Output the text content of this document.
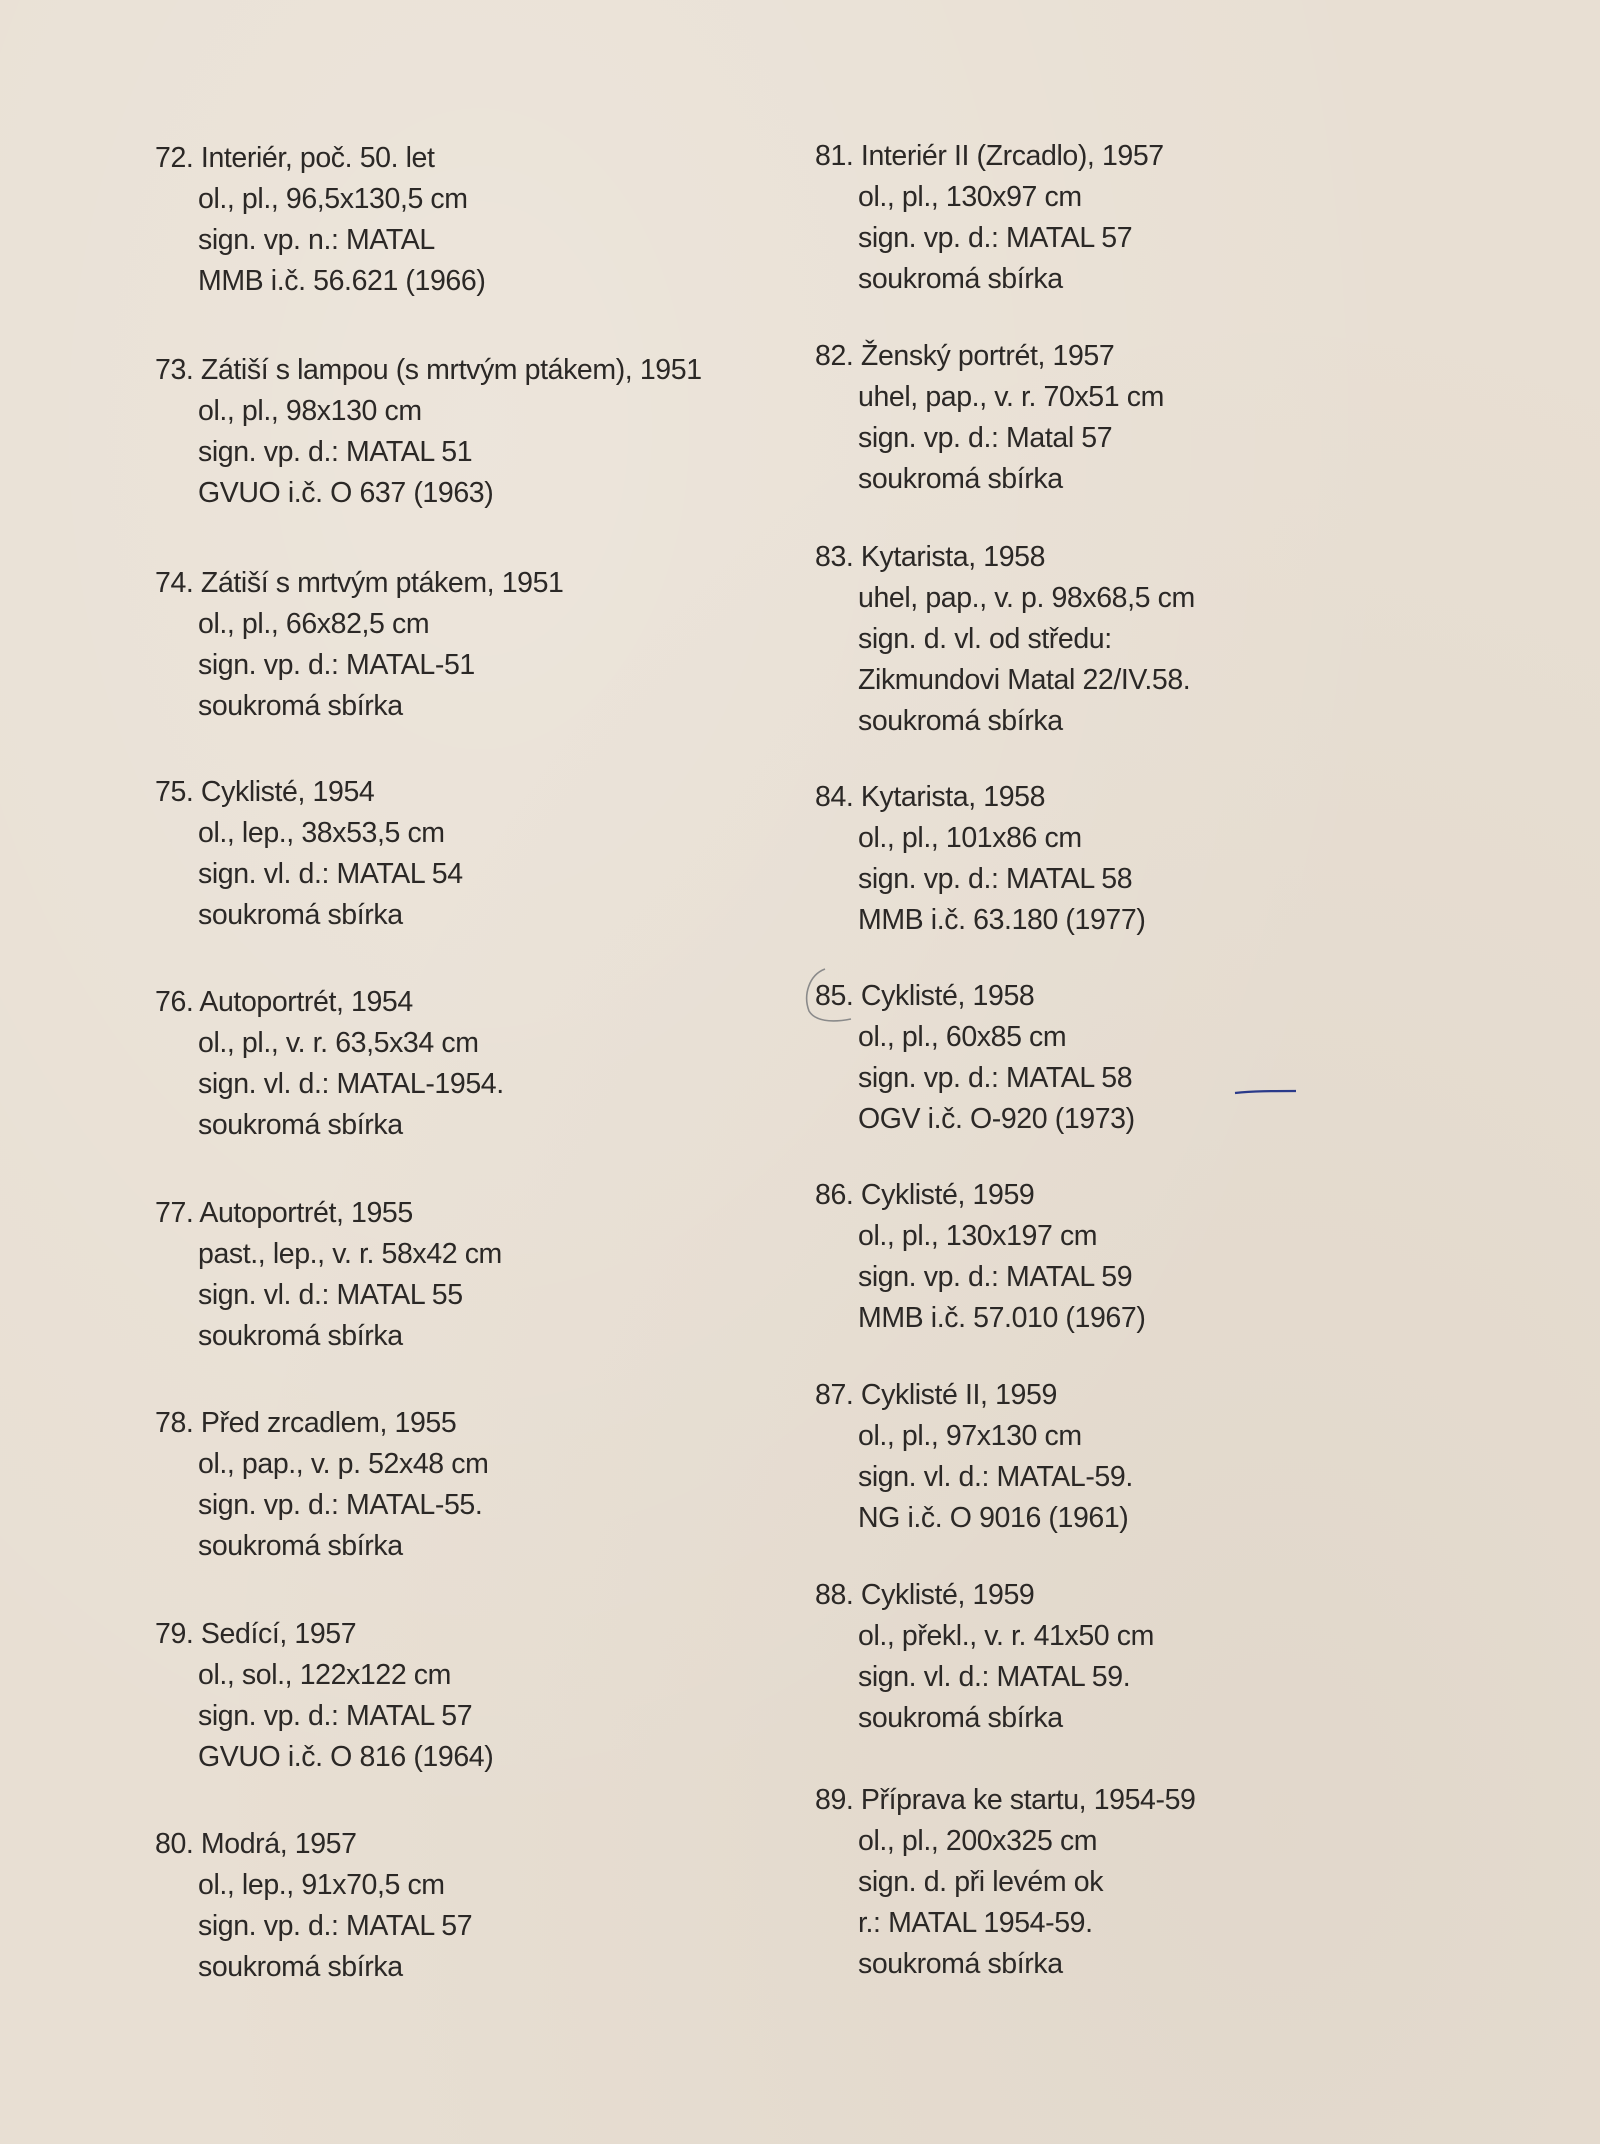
72. Interiér, poč. 50. let
ol., pl., 96,5x130,5 cm
sign. vp. n.: MATAL
MMB i.č. 56.621 (1966)
73. Zátiší s lampou (s mrtvým ptákem), 1951
ol., pl., 98x130 cm
sign. vp. d.: MATAL 51
GVUO i.č. O 637 (1963)
74. Zátiší s mrtvým ptákem, 1951
ol., pl., 66x82,5 cm
sign. vp. d.: MATAL-51
soukromá sbírka
75. Cyklisté, 1954
ol., lep., 38x53,5 cm
sign. vl. d.: MATAL 54
soukromá sbírka
76. Autoportrét, 1954
ol., pl., v. r. 63,5x34 cm
sign. vl. d.: MATAL-1954.
soukromá sbírka
77. Autoportrét, 1955
past., lep., v. r. 58x42 cm
sign. vl. d.: MATAL 55
soukromá sbírka
78. Před zrcadlem, 1955
ol., pap., v. p. 52x48 cm
sign. vp. d.: MATAL-55.
soukromá sbírka
79. Sedící, 1957
ol., sol., 122x122 cm
sign. vp. d.: MATAL 57
GVUO i.č. O 816 (1964)
80. Modrá, 1957
ol., lep., 91x70,5 cm
sign. vp. d.: MATAL 57
soukromá sbírka
81. Interiér II (Zrcadlo), 1957
ol., pl., 130x97 cm
sign. vp. d.: MATAL 57
soukromá sbírka
82. Ženský portrét, 1957
uhel, pap., v. r. 70x51 cm
sign. vp. d.: Matal 57
soukromá sbírka
83. Kytarista, 1958
uhel, pap., v. p. 98x68,5 cm
sign. d. vl. od středu:
Zikmundovi Matal 22/IV.58.
soukromá sbírka
84. Kytarista, 1958
ol., pl., 101x86 cm
sign. vp. d.: MATAL 58
MMB i.č. 63.180 (1977)
85. Cyklisté, 1958
ol., pl., 60x85 cm
sign. vp. d.: MATAL 58
OGV i.č. O-920 (1973)
86. Cyklisté, 1959
ol., pl., 130x197 cm
sign. vp. d.: MATAL 59
MMB i.č. 57.010 (1967)
87. Cyklisté II, 1959
ol., pl., 97x130 cm
sign. vl. d.: MATAL-59.
NG i.č. O 9016 (1961)
88. Cyklisté, 1959
ol., překl., v. r. 41x50 cm
sign. vl. d.: MATAL 59.
soukromá sbírka
89. Příprava ke startu, 1954-59
ol., pl., 200x325 cm
sign. d. při levém ok
r.: MATAL 1954-59.
soukromá sbírka
